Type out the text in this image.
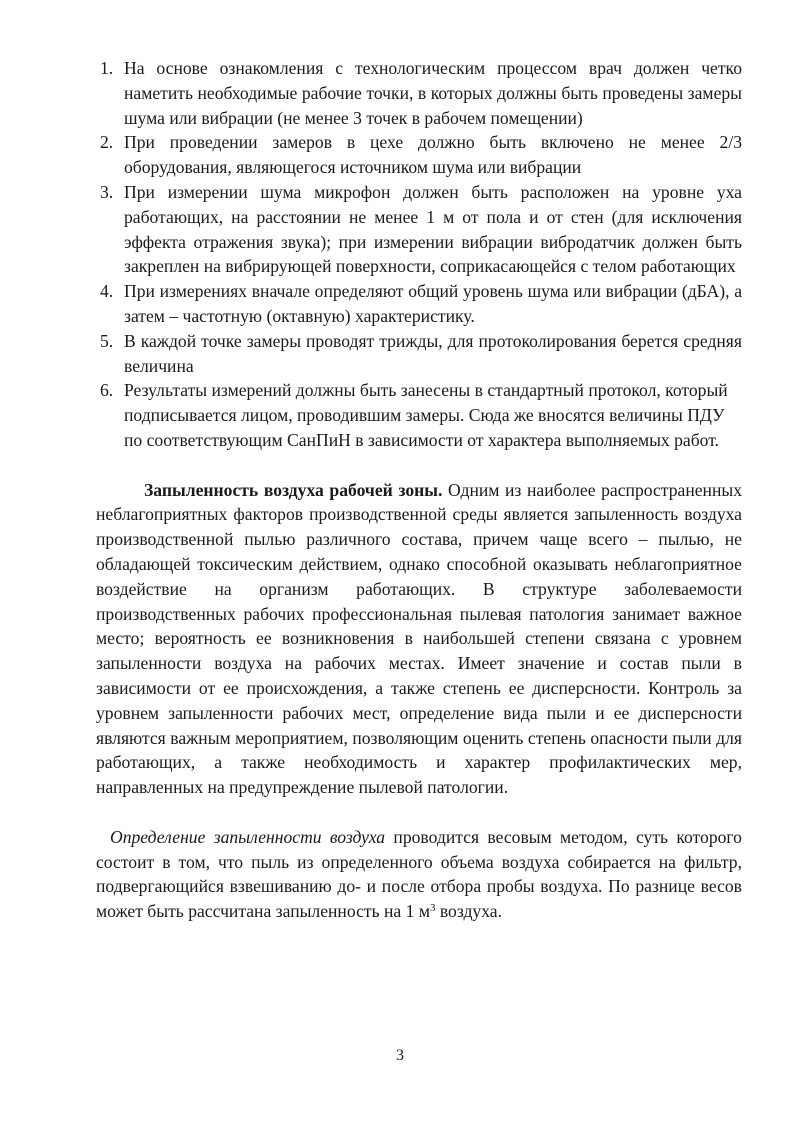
1. На основе ознакомления с технологическим процессом врач должен четко наметить необходимые рабочие точки, в которых должны быть проведены замеры шума или вибрации (не менее 3 точек в рабочем помещении)
2. При проведении замеров в цехе должно быть включено не менее 2/3 оборудования, являющегося источником шума или вибрации
3. При измерении шума микрофон должен быть расположен на уровне уха работающих, на расстоянии не менее 1 м от пола и от стен (для исключения эффекта отражения звука); при измерении вибрации вибродатчик должен быть закреплен на вибрирующей поверхности, соприкасающейся с телом работающих
4. При измерениях вначале определяют общий уровень шума или вибрации (дБА), а затем – частотную (октавную) характеристику.
5. В каждой точке замеры проводят трижды, для протоколирования берется средняя величина
6. Результаты измерений должны быть занесены в стандартный протокол, который подписывается лицом, проводившим замеры. Сюда же вносятся величины ПДУ по соответствующим СанПиН в зависимости от характера выполняемых работ.

Запыленность воздуха рабочей зоны. Одним из наиболее распространенных неблагоприятных факторов производственной среды является запыленность воздуха производственной пылью различного состава, причем чаще всего – пылью, не обладающей токсическим действием, однако способной оказывать неблагоприятное воздействие на организм работающих. В структуре заболеваемости производственных рабочих профессиональная пылевая патология занимает важное место; вероятность ее возникновения в наибольшей степени связана с уровнем запыленности воздуха на рабочих местах. Имеет значение и состав пыли в зависимости от ее происхождения, а также степень ее дисперсности. Контроль за уровнем запыленности рабочих мест, определение вида пыли и ее дисперсности являются важным мероприятием, позволяющим оценить степень опасности пыли для работающих, а также необходимость и характер профилактических мер, направленных на предупреждение пылевой патологии.

Определение запыленности воздуха проводится весовым методом, суть которого состоит в том, что пыль из определенного объема воздуха собирается на фильтр, подвергающийся взвешиванию до- и после отбора пробы воздуха. По разнице весов может быть рассчитана запыленность на 1 $м^3$ воздуха.

3
